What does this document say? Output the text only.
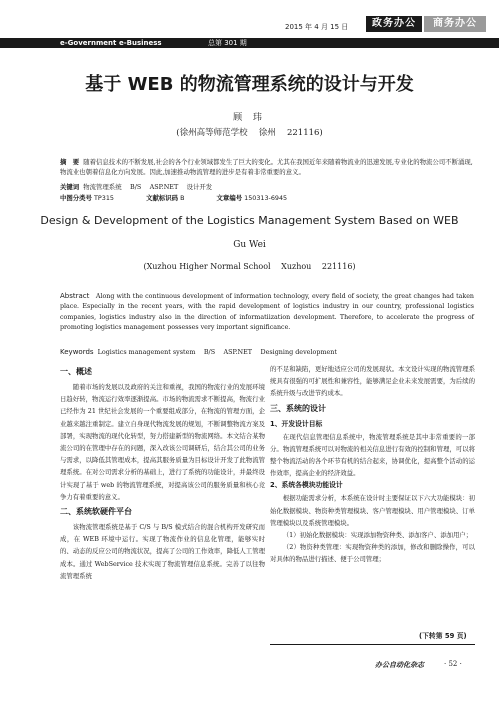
2015 年 4 月 15 日	政务办公	商务办公
e-Government e-Business	总第 301 期
基于 WEB 的物流管理系统的设计与开发
顾 玮
(徐州高等师范学校　 徐州　 221116)
摘　要 随着信息技术的不断发展,社会的各个行业领域都发生了巨大的变化。尤其在我国近年来随着物流业的迅速发展,专业化的物流公司不断涌现,物流业也朝着信息化方向发展。因此,加速推动物流管理的进步是有着非常重要的意义。
关键词 物流管理系统　 B/S　 ASP.NET　 设计开发
中图分类号 TP315	文献标识码 B	文章编号 150313-6945
Design & Development of the Logistics Management System Based on WEB
Gu Wei
(Xuzhou Higher Normal School　 Xuzhou　 221116)
Abstract Along with the continuous development of information technology, every field of society, the great changes had taken place. Especially in the recent years, with the rapid development of logistics industry in our country, professional logistics companies, logistics industry also in the direction of informatiization development. Therefore, to accelerate the progress of promoting logistics management possesses very important significance.
Keywords Logistics management system　 B/S　 ASP.NET　 Designing development
一、概述

随着市场的发展以及政府的关注和重视，我国的物流行业的发展环境日趋好转，物流运行效率逐渐提高。市场的物流需求不断提高，物流行业已经作为 21 世纪社会发展的一个重要组成部分，在物流的管理方面，企业越来越注重制定。建立自身现代物流发展的规划，不断调整物流方案及部署，实现物流的现代化转型，努力搭建新型的物流网络。本文结合某物流公司的在管理中存在的问题，深入改该公司调研后，结合其公司的业务与需求，以降低其管理成本，提高其服务质量为目标设计开发了此物流管理系统。在对公司需求分析的基础上，进行了系统的功能设计，并最终设计实现了基于 web 的物流管理系统，对提高该公司的服务质量和核心竞争力有着重要的意义。

二、系统软硬件平台

该物流管理系统是基于 C/S 与 B/S 模式结合的混合机构开发研究而成，在 WEB 环境中运行。实现了物流作业的信息化管理，能够实时的、动态的反应公司的物流状况，提高了公司的工作效率，降低人工管理成本。通过 WebService 技术实现了物流管理信息系统。完善了以往物流管理系统

的不足和缺陷，更好地适应公司的发展现状。本文设计实现的物流管理系统具有很强的可扩展性和兼容性，能够满足企业未来发展需要，为后续的系统升级与改进节约成本。

三、系统的设计
1、开发设计目标

在现代信息管理信息系统中，物流管理系统是其中非常重要的一部分。物流管理系统可以对物流的相关信息进行有效的控制和管理，可以将整个物流活动的各个环节有机的结合起来，协调优化，提高整个活动的运作效率，提高企业的经济效益。

2、系统各模块功能设计

根据功能需求分析，本系统在设计时主要保证以下六大功能模块：初始化数据模块、物资种类管理模块、客户管理模块、用户管理模块、订单管理模块以及系统管理模块。

（1）初始化数据模块：实现添加物资种类、添加客户、添加用户；

（2）物资种类管理：实现物资种类的添加，修改和删除操作，可以对具体的物品进行描述、便于公司管理；

(下转第 59 页)
办公自动化杂志	· 52 ·
